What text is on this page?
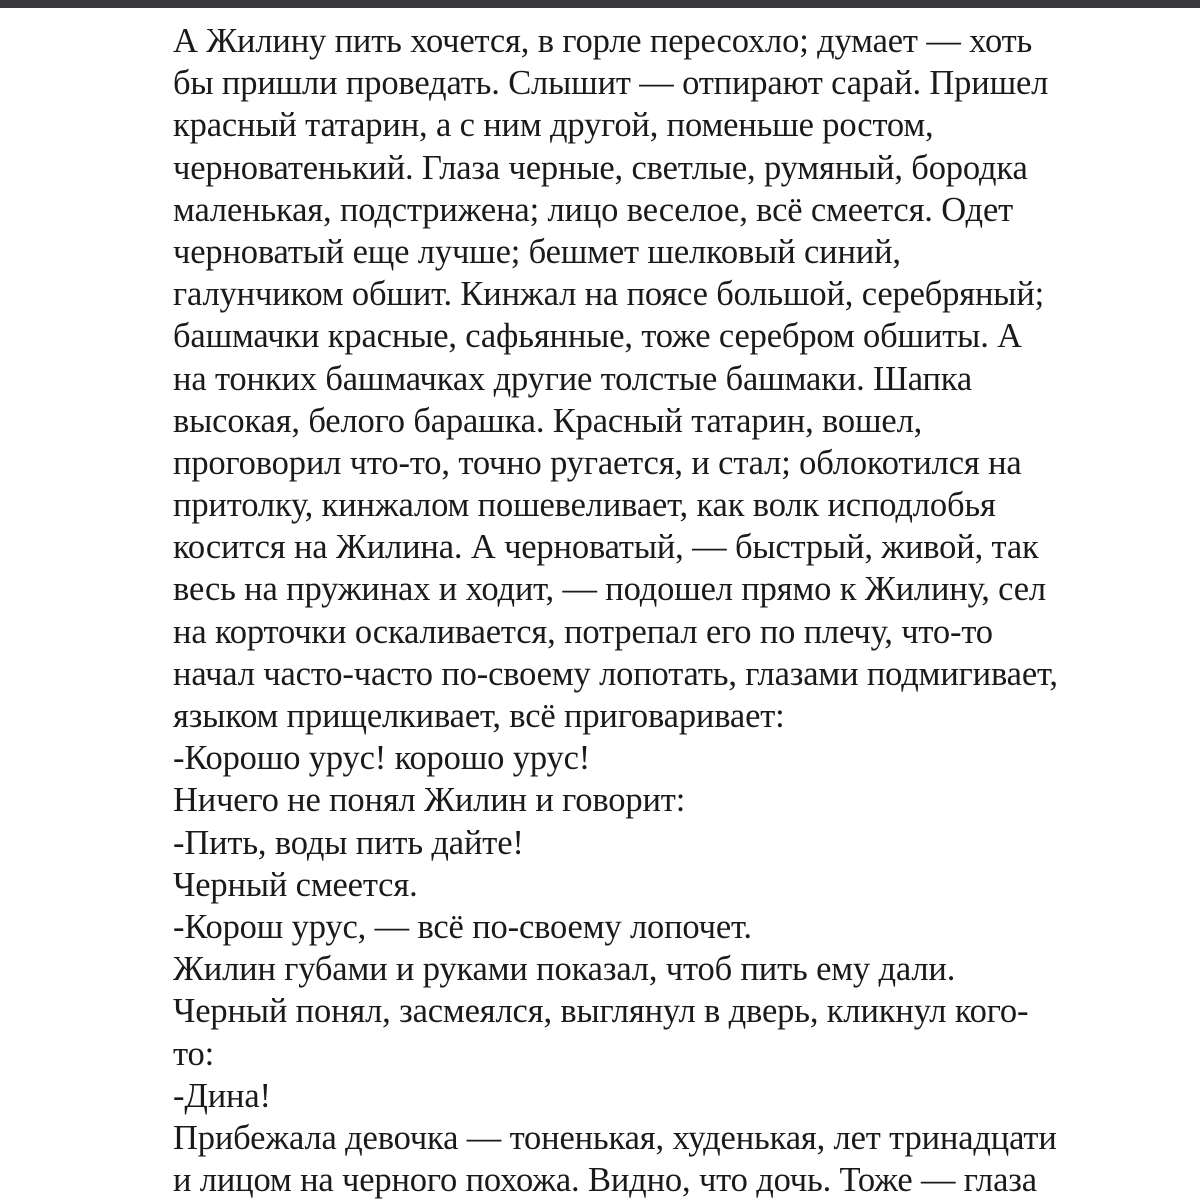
А Жилину пить хочется, в горле пересохло; думает — хоть
бы пришли проведать. Слышит — отпирают сарай. Пришел
красный татарин, а с ним другой, поменьше ростом,
черноватенький. Глаза черные, светлые, румяный, бородка
маленькая, подстрижена; лицо веселое, всё смеется. Одет
черноватый еще лучше; бешмет шелковый синий,
галунчиком обшит. Кинжал на поясе большой, серебряный;
башмачки красные, сафьянные, тоже серебром обшиты. А
на тонких башмачках другие толстые башмаки. Шапка
высокая, белого барашка. Красный татарин, вошел,
проговорил что-то, точно ругается, и стал; облокотился на
притолку, кинжалом пошевеливает, как волк исподлобья
косится на Жилина. А черноватый, — быстрый, живой, так
весь на пружинах и ходит, — подошел прямо к Жилину, сел
на корточки оскаливается, потрепал его по плечу, что-то
начал часто-часто по-своему лопотать, глазами подмигивает,
языком прищелкивает, всё приговаривает:
-Корошо урус! корошо урус!
Ничего не понял Жилин и говорит:
-Пить, воды пить дайте!
Черный смеется.
-Корош урус, — всё по-своему лопочет.
Жилин губами и руками показал, чтоб пить ему дали.
Черный понял, засмеялся, выглянул в дверь, кликнул кого-
то:
-Дина!
Прибежала девочка — тоненькая, худенькая, лет тринадцати
и лицом на черного похожа. Видно, что дочь. Тоже — глаза
